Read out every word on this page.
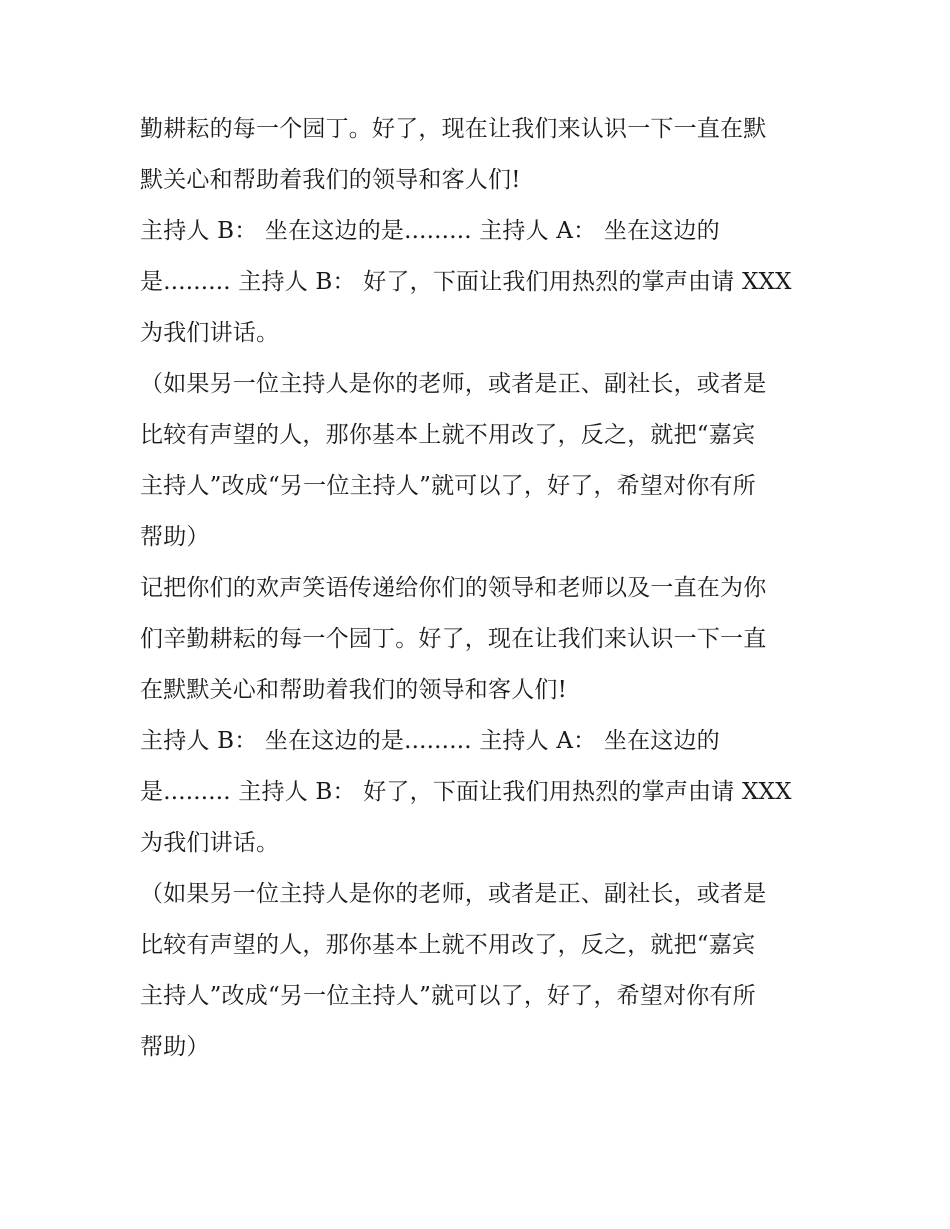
勤耕耘的每一个园丁。好了，现在让我们来认识一下一直在默
默关心和帮助着我们的领导和客人们!
主持人 B： 坐在这边的是......... 主持人 A： 坐在这边的
是......... 主持人 B： 好了，下面让我们用热烈的掌声由请 XXX
为我们讲话。
（如果另一位主持人是你的老师，或者是正、副社长，或者是
比较有声望的人，那你基本上就不用改了，反之，就把“嘉宾
主持人”改成“另一位主持人”就可以了，好了，希望对你有所
帮助）
记把你们的欢声笑语传递给你们的领导和老师以及一直在为你
们辛勤耕耘的每一个园丁。好了，现在让我们来认识一下一直
在默默关心和帮助着我们的领导和客人们!
主持人 B： 坐在这边的是......... 主持人 A： 坐在这边的
是......... 主持人 B： 好了，下面让我们用热烈的掌声由请 XXX
为我们讲话。
（如果另一位主持人是你的老师，或者是正、副社长，或者是
比较有声望的人，那你基本上就不用改了，反之，就把“嘉宾
主持人”改成“另一位主持人”就可以了，好了，希望对你有所
帮助）
